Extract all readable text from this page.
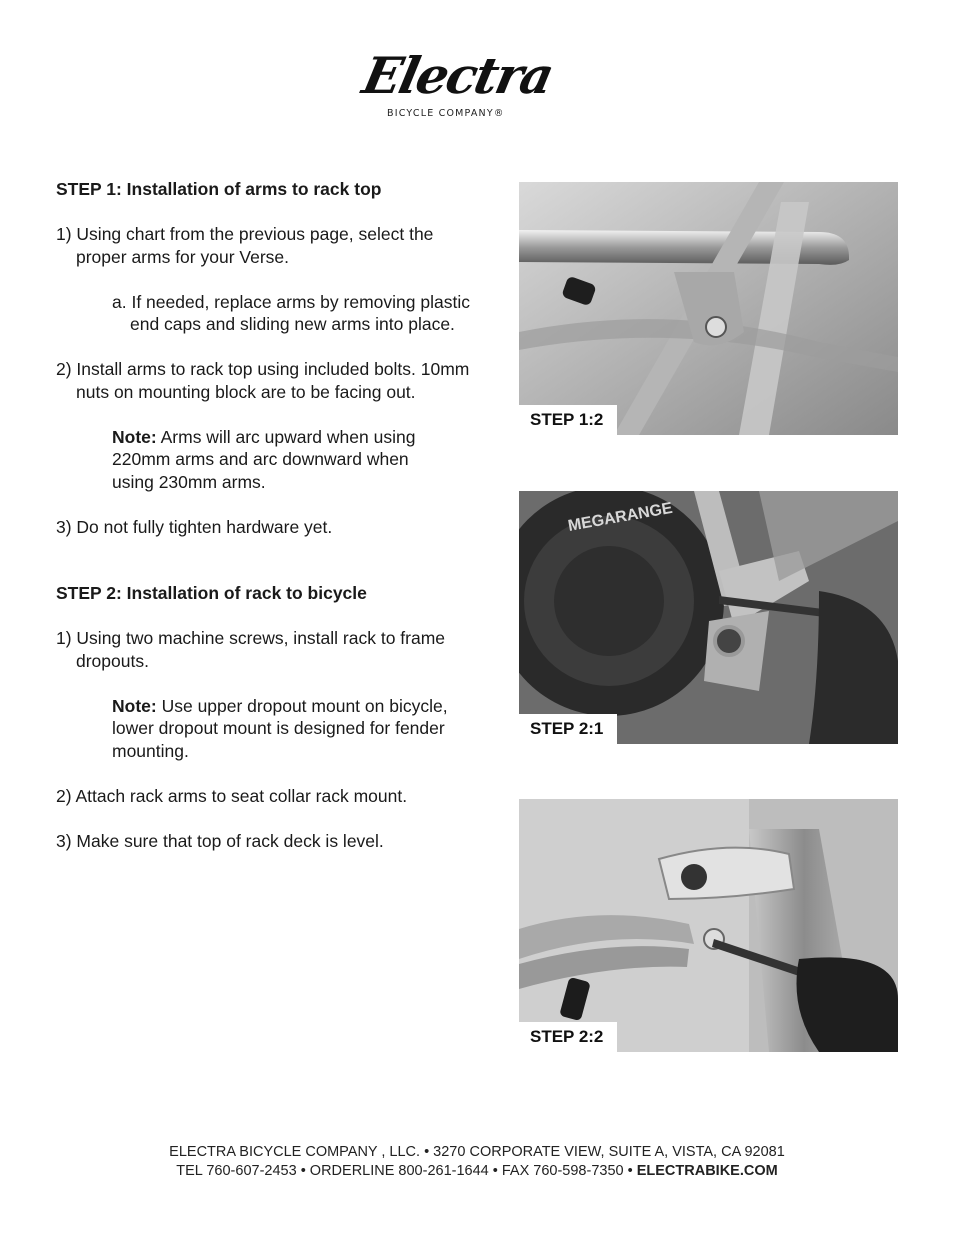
Electra
BICYCLE COMPANY®

STEP 1: Installation of arms to rack top

1) Using chart from the previous page, select the proper arms for your Verse.

a. If needed, replace arms by removing plastic end caps and sliding new arms into place.

2) Install arms to rack top using included bolts. 10mm nuts on mounting block are to be facing out.

Note: Arms will arc upward when using 220mm arms and arc downward when using 230mm arms.

3) Do not fully tighten hardware yet.

STEP 2: Installation of rack to bicycle

1) Using two machine screws, install rack to frame dropouts.

Note: Use upper dropout mount on bicycle, lower dropout mount is designed for fender mounting.

2) Attach rack arms to seat collar rack mount.

3) Make sure that top of rack deck is level.

STEP 1:2
MEGARANGE
STEP 2:1
STEP 2:2
ELECTRA BICYCLE COMPANY , LLC. • 3270 CORPORATE VIEW, SUITE A, VISTA, CA 92081
TEL 760-607-2453 • ORDERLINE 800-261-1644 • FAX 760-598-7350 • ELECTRABIKE.COM
